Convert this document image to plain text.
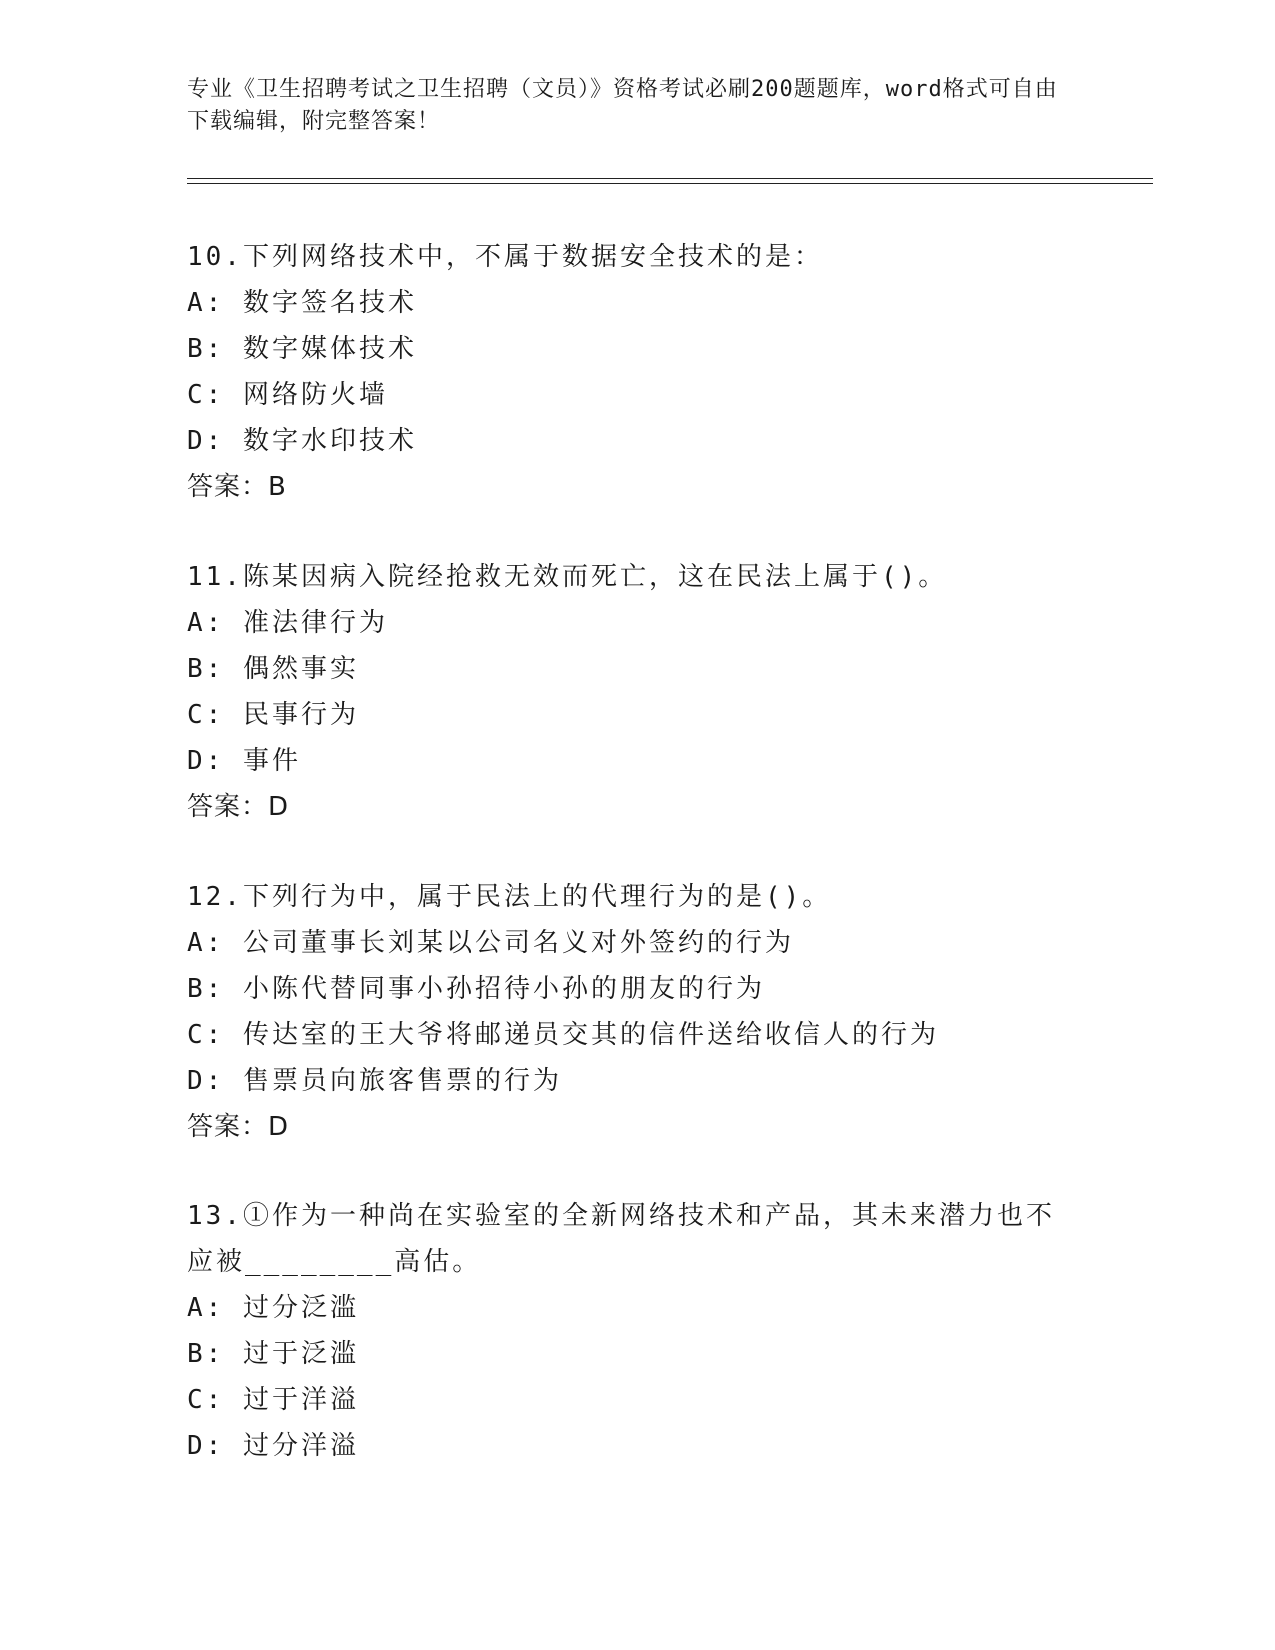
专业《卫生招聘考试之卫生招聘（文员）》资格考试必刷200题题库，word格式可自由下载编辑，附完整答案！

10.下列网络技术中，不属于数据安全技术的是：

A: 数字签名技术

B: 数字媒体技术

C: 网络防火墙

D: 数字水印技术

答案：B

11.陈某因病入院经抢救无效而死亡，这在民法上属于()。

A: 准法律行为

B: 偶然事实

C: 民事行为

D: 事件

答案：D

12.下列行为中，属于民法上的代理行为的是()。

A: 公司董事长刘某以公司名义对外签约的行为

B: 小陈代替同事小孙招待小孙的朋友的行为

C: 传达室的王大爷将邮递员交其的信件送给收信人的行为

D: 售票员向旅客售票的行为

答案：D

13.①作为一种尚在实验室的全新网络技术和产品，其未来潜力也不应被________高估。

A: 过分泛滥

B: 过于泛滥

C: 过于洋溢

D: 过分洋溢
